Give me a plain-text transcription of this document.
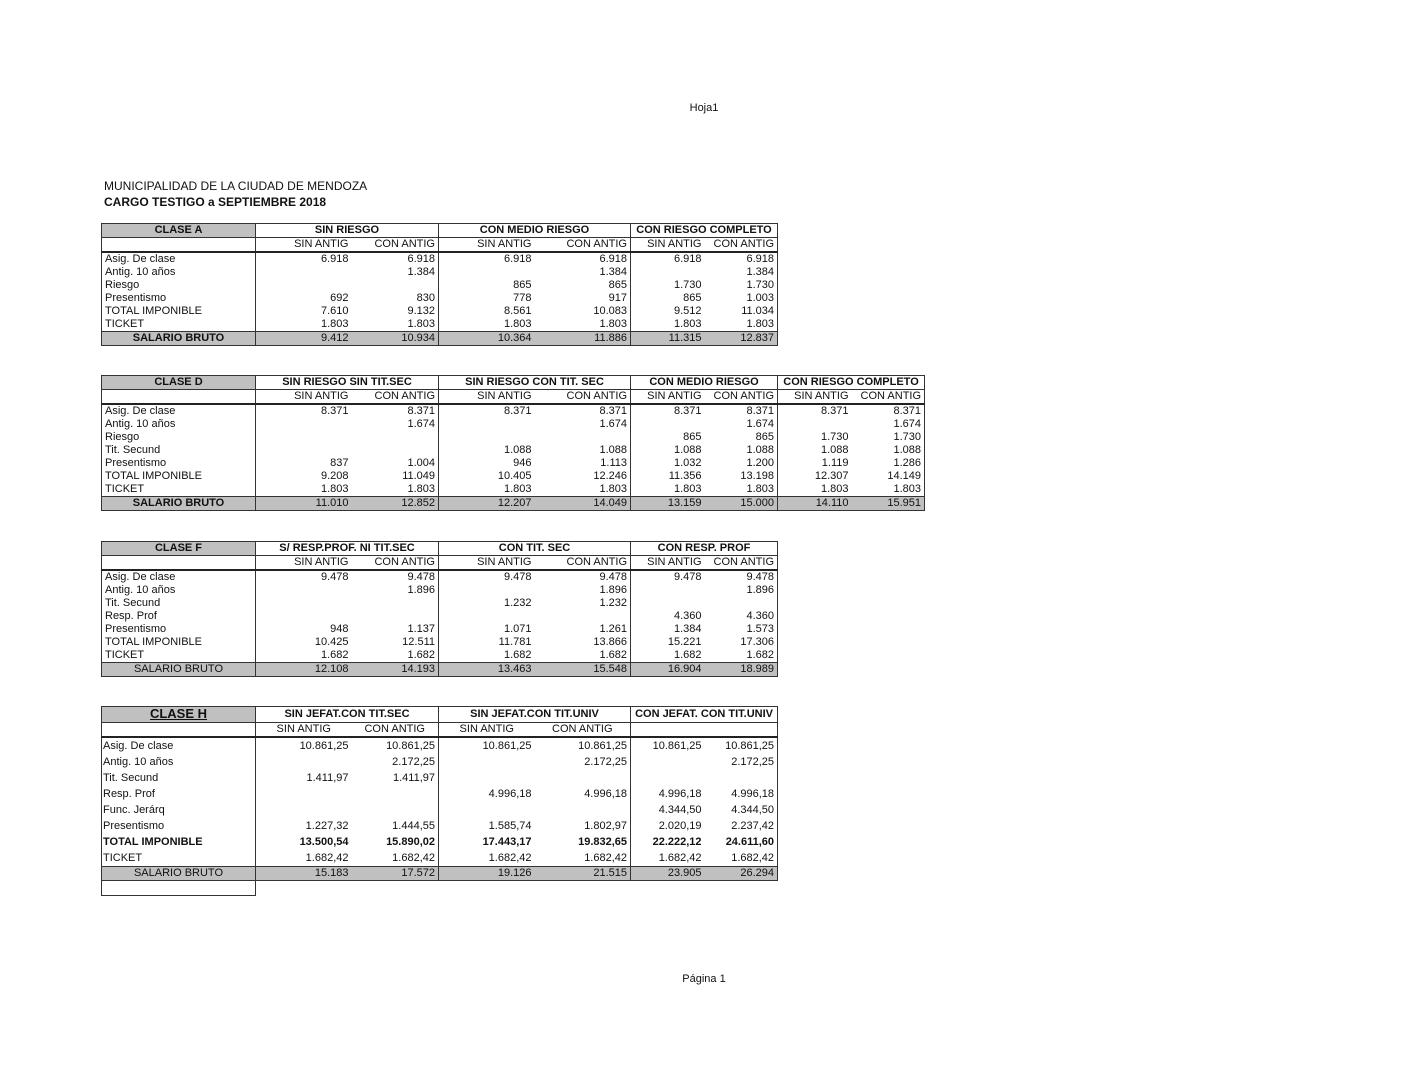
Hoja1
MUNICIPALIDAD DE LA CIUDAD DE MENDOZA
CARGO TESTIGO a SEPTIEMBRE 2018
CLASE A	SIN RIESGO		CON MEDIO RIESGO		CON RIESGO COMPLETO	
	SIN ANTIG	CON ANTIG	SIN ANTIG	CON ANTIG	SIN ANTIG	CON ANTIG
Asig. De clase	6.918	6.918	6.918	6.918	6.918	6.918
Antig. 10 años		1.384		1.384		1.384
Riesgo			865	865	1.730	1.730
Presentismo	692	830	778	917	865	1.003
TOTAL IMPONIBLE	7.610	9.132	8.561	10.083	9.512	11.034
TICKET	1.803	1.803	1.803	1.803	1.803	1.803
SALARIO BRUTO	9.412	10.934	10.364	11.886	11.315	12.837
CLASE D	SIN RIESGO SIN TIT.SEC		SIN RIESGO CON TIT. SEC		CON MEDIO RIESGO		CON RIESGO COMPLETO	
	SIN ANTIG	CON ANTIG	SIN ANTIG	CON ANTIG	SIN ANTIG	CON ANTIG	SIN ANTIG	CON ANTIG
Asig. De clase	8.371	8.371	8.371	8.371	8.371	8.371	8.371	8.371
Antig. 10 años		1.674		1.674		1.674		1.674
Riesgo					865	865	1.730	1.730
Tit. Secund			1.088	1.088	1.088	1.088	1.088	1.088
Presentismo	837	1.004	946	1.113	1.032	1.200	1.119	1.286
TOTAL IMPONIBLE	9.208	11.049	10.405	12.246	11.356	13.198	12.307	14.149
TICKET	1.803	1.803	1.803	1.803	1.803	1.803	1.803	1.803
SALARIO BRUTO	11.010	12.852	12.207	14.049	13.159	15.000	14.110	15.951
CLASE F	S/ RESP.PROF. NI TIT.SEC		CON TIT. SEC		CON RESP. PROF	
	SIN ANTIG	CON ANTIG	SIN ANTIG	CON ANTIG	SIN ANTIG	CON ANTIG
Asig. De clase	9.478	9.478	9.478	9.478	9.478	9.478
Antig. 10 años		1.896		1.896		1.896
Tit. Secund			1.232	1.232		
Resp. Prof					4.360	4.360
Presentismo	948	1.137	1.071	1.261	1.384	1.573
TOTAL IMPONIBLE	10.425	12.511	11.781	13.866	15.221	17.306
TICKET	1.682	1.682	1.682	1.682	1.682	1.682
SALARIO BRUTO	12.108	14.193	13.463	15.548	16.904	18.989
CLASE H	SIN JEFAT.CON TIT.SEC		SIN JEFAT.CON TIT.UNIV		CON JEFAT. CON TIT.UNIV	
	SIN ANTIG	CON ANTIG	SIN ANTIG	CON ANTIG		
Asig. De clase	10.861,25	10.861,25	10.861,25	10.861,25	10.861,25	10.861,25
Antig. 10 años		2.172,25		2.172,25		2.172,25
Tit. Secund	1.411,97	1.411,97				
Resp. Prof			4.996,18	4.996,18	4.996,18	4.996,18
Func. Jerárq					4.344,50	4.344,50
Presentismo	1.227,32	1.444,55	1.585,74	1.802,97	2.020,19	2.237,42
TOTAL IMPONIBLE	13.500,54	15.890,02	17.443,17	19.832,65	22.222,12	24.611,60
TICKET	1.682,42	1.682,42	1.682,42	1.682,42	1.682,42	1.682,42
SALARIO BRUTO	15.183	17.572	19.126	21.515	23.905	26.294

Página 1
